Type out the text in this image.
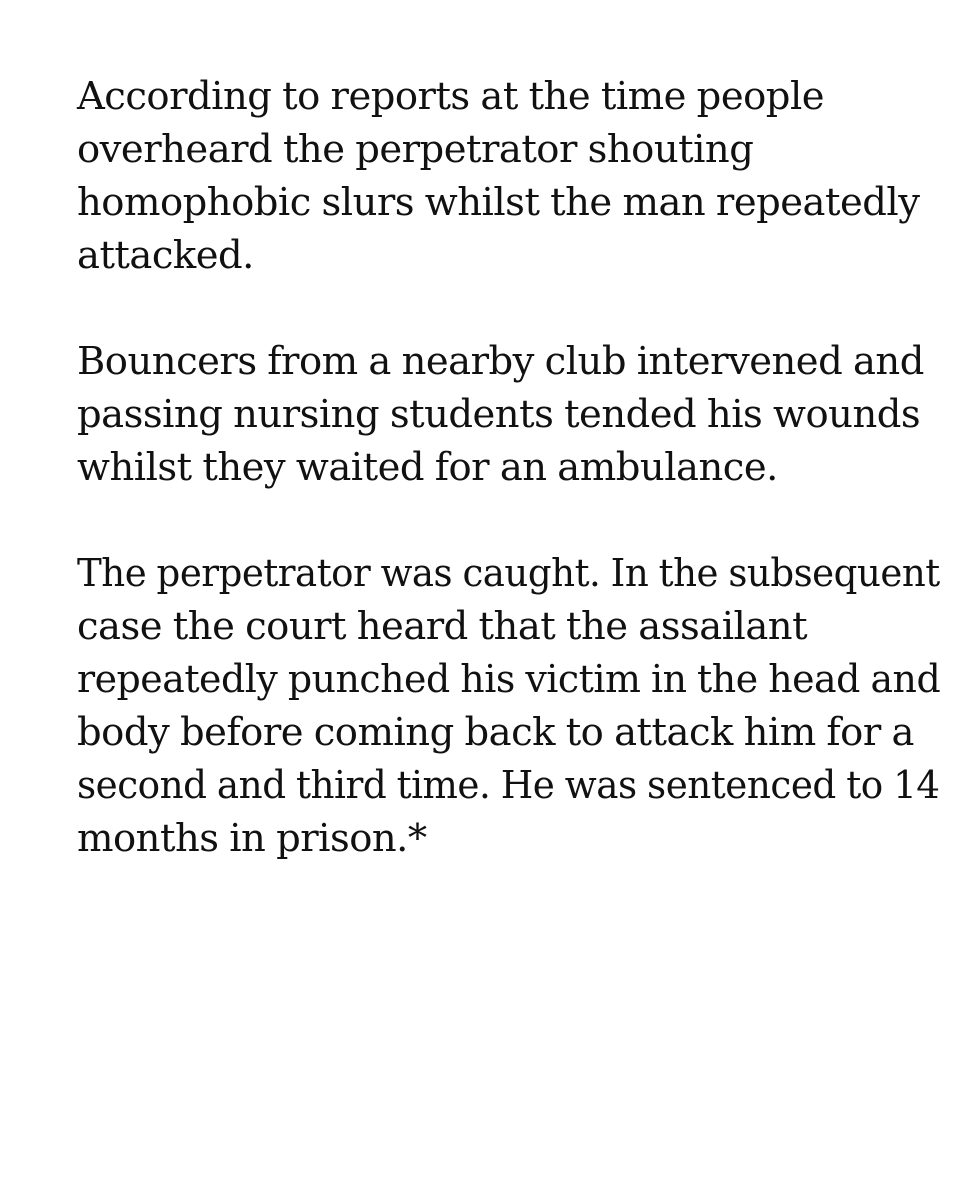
According to reports at the time people
overheard the perpetrator shouting
homophobic slurs whilst the man repeatedly
attacked.

Bouncers from a nearby club intervened and
passing nursing students tended his wounds
whilst they waited for an ambulance.

The perpetrator was caught. In the subsequent
case the court heard that the assailant
repeatedly punched his victim in the head and
body before coming back to attack him for a
second and third time. He was sentenced to 14
months in prison.*
